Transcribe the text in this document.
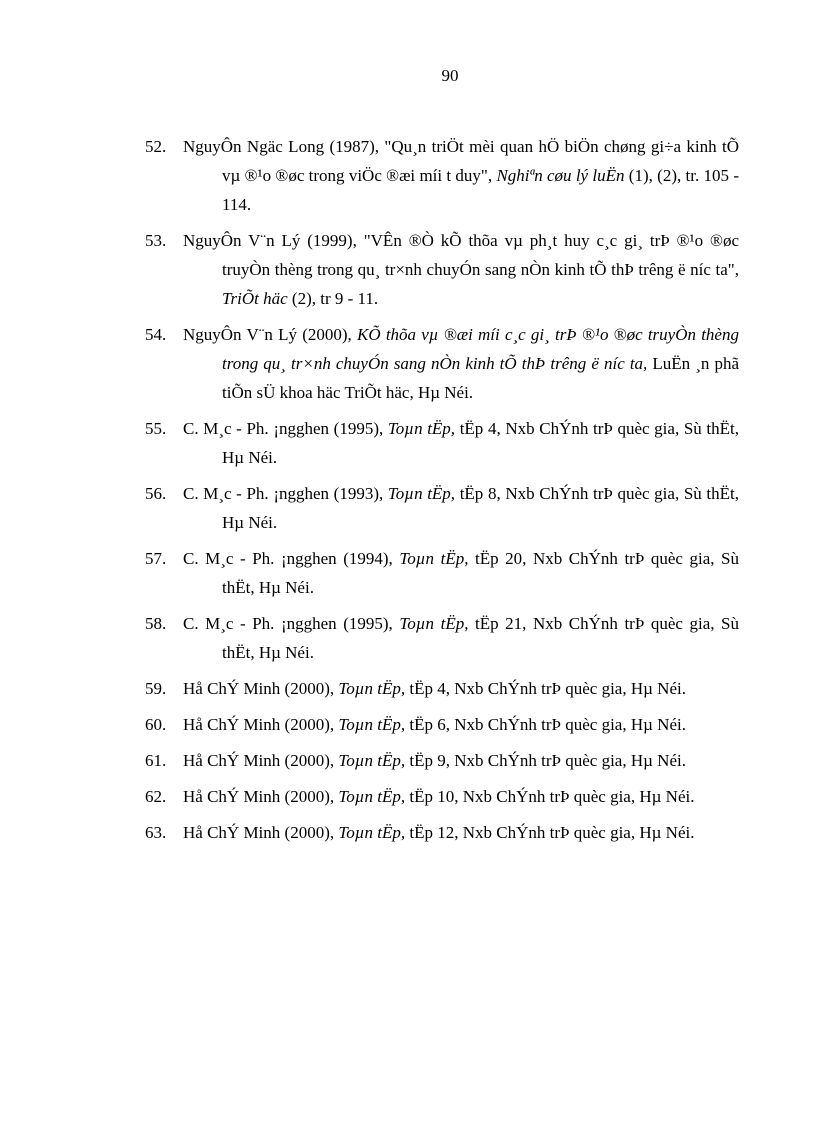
90
52. NguyÔn Ngäc Long (1987), "Qu¸n triÖt mèi quan hÖ biÖn chøng gi÷a kinh tÕ vµ ®¹o ®øc trong viÖc ®æi míi t duy", Nghiªn cøu lý luËn (1), (2), tr. 105 - 114.
53. NguyÔn V¨n Lý (1999), "VÊn ®Ò kÕ thõa vµ ph¸t huy c¸c gi¸ trÞ ®¹o ®øc truyÒn thèng trong qu¸ tr×nh chuyÓn sang nÒn kinh tÕ thÞ trêng ë níc ta", TriÕt häc (2), tr 9 - 11.
54. NguyÔn V¨n Lý (2000), KÕ thõa vµ ®æi míi c¸c gi¸ trÞ ®¹o ®øc truyÒn thèng trong qu¸ tr×nh chuyÓn sang nÒn kinh tÕ thÞ trêng ë níc ta, LuËn ¸n phã tiÕn sÜ khoa häc TriÕt häc, Hµ Néi.
55. C. M¸c - Ph. ¡ngghen (1995), Toµn tËp, tËp 4, Nxb ChÝnh trÞ quèc gia, Sù thËt, Hµ Néi.
56. C. M¸c - Ph. ¡ngghen (1993), Toµn tËp, tËp 8, Nxb ChÝnh trÞ quèc gia, Sù thËt, Hµ Néi.
57. C. M¸c - Ph. ¡ngghen (1994), Toµn tËp, tËp 20, Nxb ChÝnh trÞ quèc gia, Sù thËt, Hµ Néi.
58. C. M¸c - Ph. ¡ngghen (1995), Toµn tËp, tËp 21, Nxb ChÝnh trÞ quèc gia, Sù thËt, Hµ Néi.
59. Hå ChÝ Minh (2000), Toµn tËp, tËp 4, Nxb ChÝnh trÞ quèc gia, Hµ Néi.
60. Hå ChÝ Minh (2000), Toµn tËp, tËp 6, Nxb ChÝnh trÞ quèc gia, Hµ Néi.
61. Hå ChÝ Minh (2000), Toµn tËp, tËp 9, Nxb ChÝnh trÞ quèc gia, Hµ Néi.
62. Hå ChÝ Minh (2000), Toµn tËp, tËp 10, Nxb ChÝnh trÞ quèc gia, Hµ Néi.
63. Hå ChÝ Minh (2000), Toµn tËp, tËp 12, Nxb ChÝnh trÞ quèc gia, Hµ Néi.
